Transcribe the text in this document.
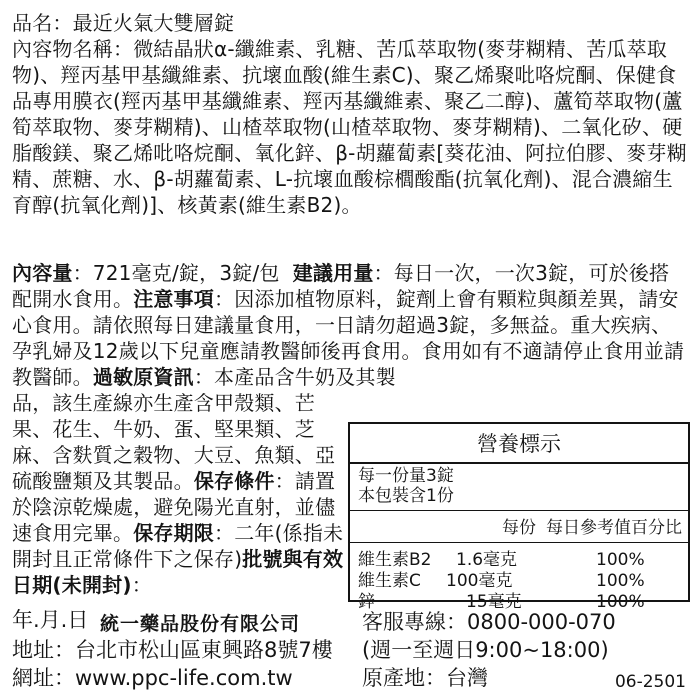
品名：最近火氣大雙層錠
內容物名稱：微結晶狀α-纖維素、乳糖、苦瓜萃取物(麥芽糊精、苦瓜萃取物)、羥丙基甲基纖維素、抗壞血酸(維生素C)、聚乙烯聚吡咯烷酮、保健食品專用膜衣(羥丙基甲基纖維素、羥丙基纖維素、聚乙二醇)、蘆筍萃取物(蘆筍萃取物、麥芽糊精)、山楂萃取物(山楂萃取物、麥芽糊精)、二氧化矽、硬脂酸鎂、聚乙烯吡咯烷酮、氧化鋅、β-胡蘿蔔素[葵花油、阿拉伯膠、麥芽糊精、蔗糖、水、β-胡蘿蔔素、L-抗壞血酸棕櫚酸酯(抗氧化劑)、混合濃縮生育醇(抗氧化劑)]、核黃素(維生素B2)。
內容量：721毫克/錠，3錠/包 建議用量：每日一次，一次3錠，可於後搭配開水食用。注意事項：因添加植物原料，錠劑上會有顆粒與顏差異，請安心食用。請依照每日建議量食用，一日請勿超過3錠，多無益。重大疾病、孕乳婦及12歲以下兒童應請教醫師後再食用。食用如有不適請停止食用並請教醫師。過敏原資訊：本產品含牛奶及其製
品，該生產線亦生產含甲殼類、芒果、花生、牛奶、蛋、堅果類、芝麻、含麩質之穀物、大豆、魚類、亞硫酸鹽類及其製品。保存條件：請置於陰涼乾燥處，避免陽光直射，並儘速食用完畢。保存期限：二年(係指未開封且正常條件下之保存)批號與有效日期(未開封)：
營養標示
每一份量3錠
本包裝含1份
每份 每日參考值百分比
維生素B2 1.6毫克	100%
維生素C 100毫克	100%
鋅	15毫克	100%
年.月.日 統一藥品股份有限公司	客服專線：0800-000-070
地址：台北市松山區東興路8號7樓 (週一至週日9:00~18:00)
網址：www.ppc-life.com.tw	原產地：台灣	06-2501
